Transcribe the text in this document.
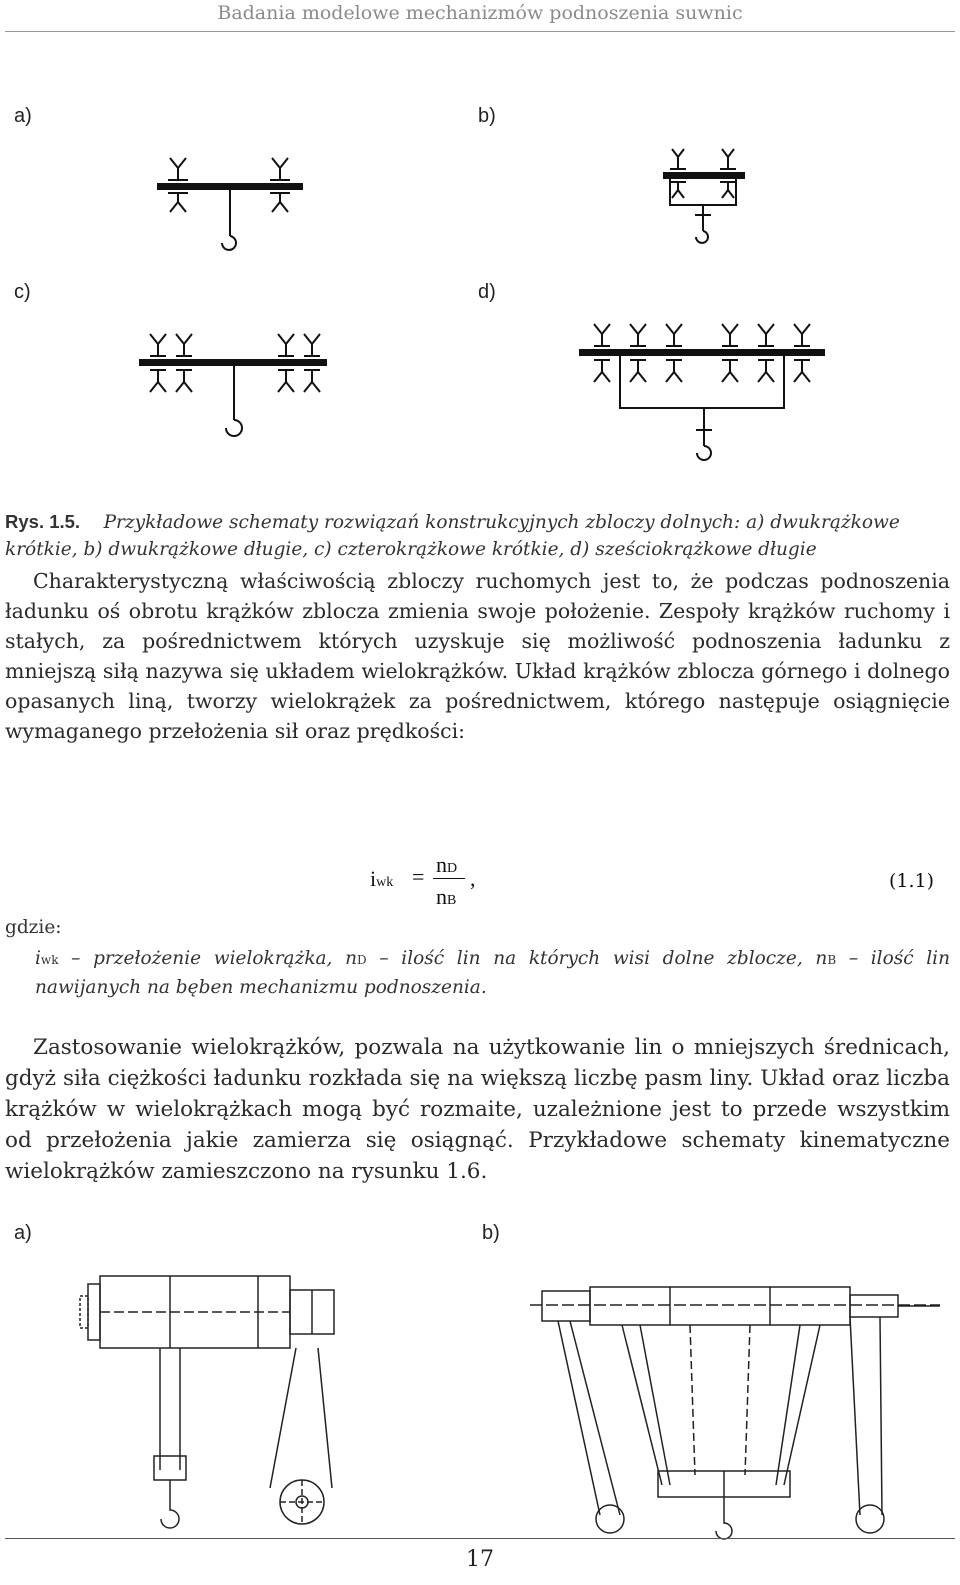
Badania modelowe mechanizmów podnoszenia suwnic
a)	b)
c)	d)
Rys. 1.5. Przykładowe schematy rozwiązań konstrukcyjnych zbloczy dolnych: a) dwukrążkowe krótkie, b) dwukrążkowe długie, c) czterokrążkowe krótkie, d) sześciokrążkowe długie
Charakterystyczną właściwością zbloczy ruchomych jest to, że podczas podnoszenia ładunku oś obrotu krążków zblocza zmienia swoje położenie. Zespoły krążków ruchomy i stałych, za pośrednictwem których uzyskuje się możliwość podnoszenia ładunku z mniejszą siłą nazywa się układem wielokrążków. Układ krążków zblocza górnego i dolnego opasanych liną, tworzy wielokrążek za pośrednictwem, którego następuje osiągnięcie wymaganego przełożenia sił oraz prędkości:
iwk = nD
nB
,	(1.1)
gdzie:
iwk – przełożenie wielokrążka, nD – ilość lin na których wisi dolne zblocze, nB – ilość lin nawijanych na bęben mechanizmu podnoszenia.
Zastosowanie wielokrążków, pozwala na użytkowanie lin o mniejszych średnicach, gdyż siła ciężkości ładunku rozkłada się na większą liczbę pasm liny. Układ oraz liczba krążków w wielokrążkach mogą być rozmaite, uzależnione jest to przede wszystkim od przełożenia jakie zamierza się osiągnąć. Przykładowe schematy kinematyczne wielokrążków zamieszczono na rysunku 1.6.
a)	b)
17
